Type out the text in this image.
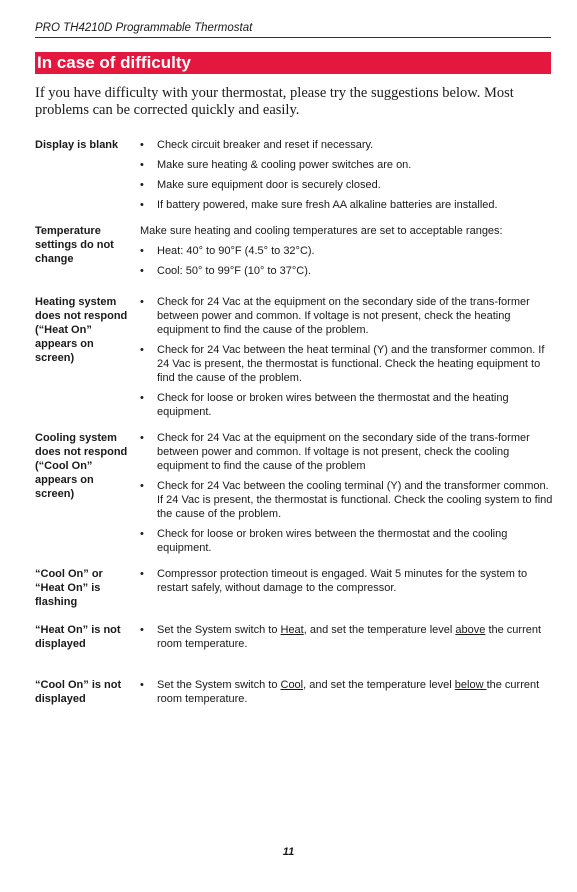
PRO TH4210D Programmable Thermostat
In case of difficulty
If you have difficulty with your thermostat, please try the suggestions below. Most problems can be corrected quickly and easily.
Display is blank	• Check circuit breaker and reset if necessary.
• Make sure heating & cooling power switches are on.
• Make sure equipment door is securely closed.
• If battery powered, make sure fresh AA alkaline batteries are installed.
Temperature settings do not change
Make sure heating and cooling temperatures are set to acceptable ranges:
• Heat: 40° to 90°F (4.5° to 32°C).
• Cool: 50° to 99°F (10° to 37°C).
Heating system does not respond (“Heat On” appears on screen)
• Check for 24 Vac at the equipment on the secondary side of the trans-former between power and common. If voltage is not present, check the heating equipment to find the cause of the problem.
• Check for 24 Vac between the heat terminal (Y) and the transformer common. If 24 Vac is present, the thermostat is functional. Check the heating equipment to find the cause of the problem.
• Check for loose or broken wires between the thermostat and the heating equipment.
Cooling system does not respond (“Cool On” appears on screen)
• Check for 24 Vac at the equipment on the secondary side of the trans-former between power and common. If voltage is not present, check the cooling equipment to find the cause of the problem
• Check for 24 Vac between the cooling terminal (Y) and the transformer common. If 24 Vac is present, the thermostat is functional. Check the cooling system to find the cause of the problem.
• Check for loose or broken wires between the thermostat and the cooling equipment.
“Cool On” or “Heat On” is flashing
• Compressor protection timeout is engaged. Wait 5 minutes for the system to restart safely, without damage to the compressor.
“Heat On” is not displayed
• Set the System switch to Heat, and set the temperature level above the current room temperature.
“Cool On” is not displayed
• Set the System switch to Cool, and set the temperature level below the current room temperature.
11
